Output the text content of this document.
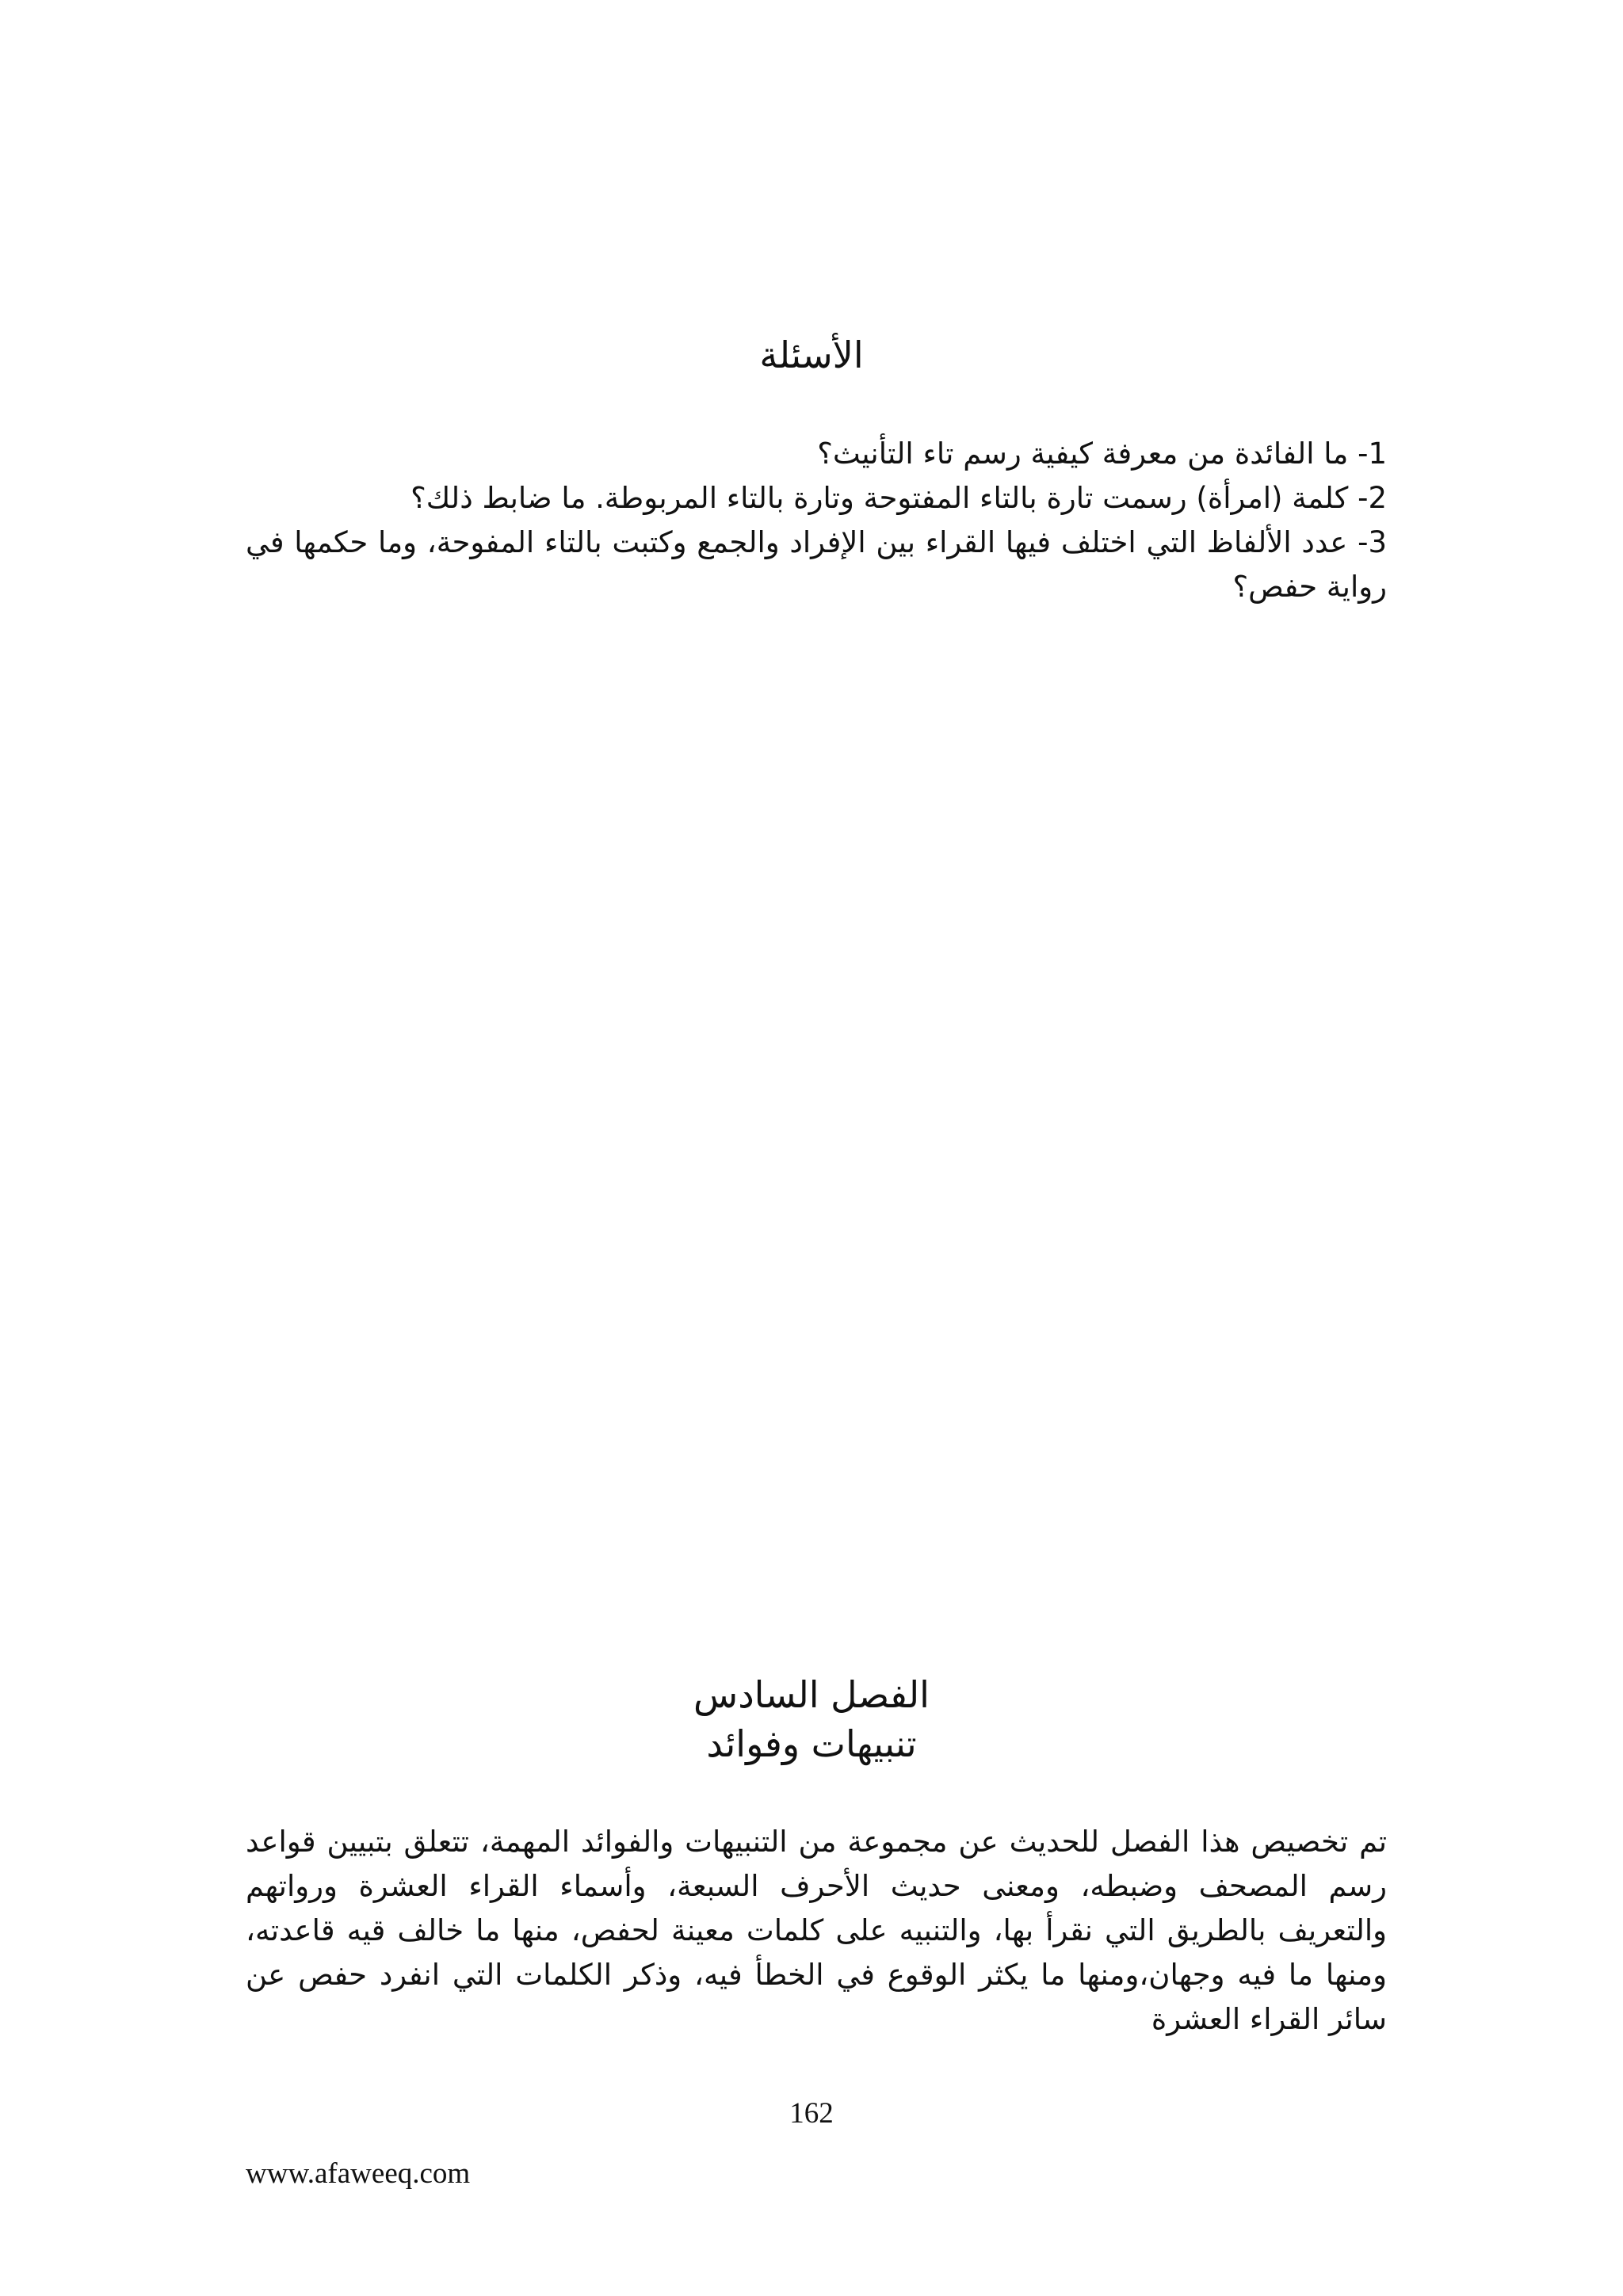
الأسئلة
1- ما الفائدة من معرفة كيفية رسم تاء التأنيث؟
2- كلمة (امرأة) رسمت تارة بالتاء المفتوحة وتارة بالتاء المربوطة. ما ضابط ذلك؟
3- عدد الألفاظ التي اختلف فيها القراء بين الإفراد والجمع وكتبت بالتاء المفوحة، وما حكمها في رواية حفص؟
الفصل السادس
تنبيهات وفوائد

تم تخصيص هذا الفصل للحديث عن مجموعة من التنبيهات والفوائد المهمة، تتعلق بتبيين قواعد رسم المصحف وضبطه، ومعنى حديث الأحرف السبعة، وأسماء القراء العشرة ورواتهم والتعريف بالطريق التي نقرأ بها، والتنبيه على كلمات معينة لحفص، منها ما خالف قيه قاعدته، ومنها ما فيه وجهان،ومنها ما يكثر الوقوع في الخطأ فيه، وذكر الكلمات التي انفرد حفص عن سائر القراء العشرة

162
www.afaweeq.com
